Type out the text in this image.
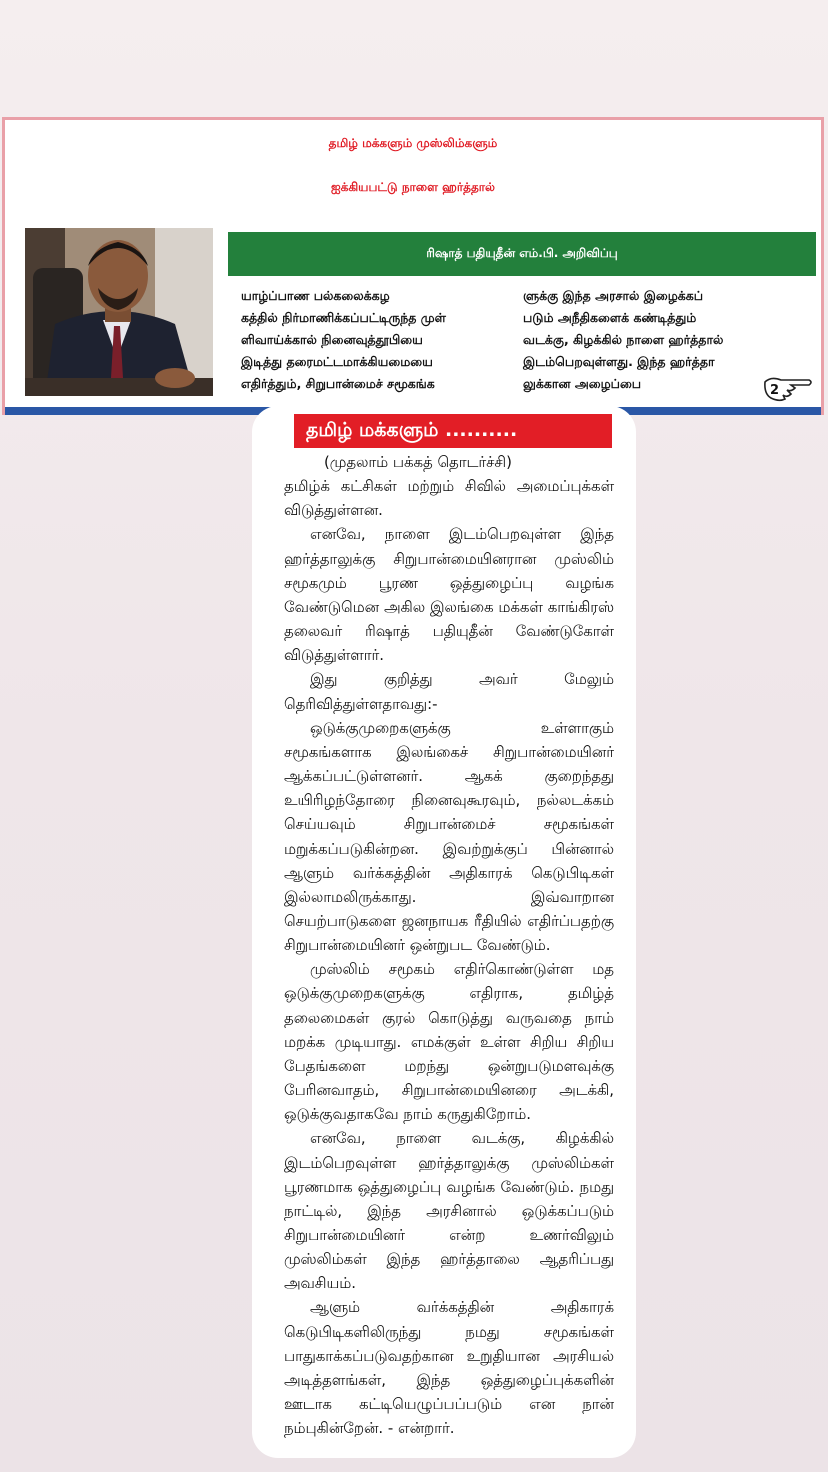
தமிழ் மக்களும் முஸ்லிம்களும்
ஐக்கியபட்டு நாளை ஹர்த்தால்
ரிஷாத் பதியுதீன் எம்.பி. அறிவிப்பு
யாழ்ப்பாண பல்கலைக்கழ
கத்தில் நிர்மாணிக்கப்பட்டிருந்த முள்
ளிவாய்க்கால் நினைவுத்தூபியை
இடித்து தரைமட்டமாக்கியமையை
எதிர்த்தும், சிறுபான்மைச் சமூகங்க
ளுக்கு இந்த அரசால் இழைக்கப்
படும் அநீதிகளைக் கண்டித்தும்
வடக்கு, கிழக்கில் நாளை ஹர்த்தால்
இடம்பெறவுள்ளது. இந்த ஹர்த்தா
லுக்கான அழைப்பை	2
தமிழ் மக்களும் ..........

(முதலாம் பக்கத் தொடர்ச்சி)

தமிழ்க் கட்சிகள் மற்றும் சிவில் அமைப்புக்கள் விடுத்துள்ளன.

எனவே, நாளை இடம்பெறவுள்ள இந்த ஹர்த்தாலுக்கு சிறுபான்மையினரான முஸ்லிம் சமூகமும் பூரண ஒத்துழைப்பு வழங்க வேண்டுமென அகில இலங்கை மக்கள் காங்கிரஸ் தலைவர் ரிஷாத் பதியுதீன் வேண்டுகோள் விடுத்துள்ளார்.

இது குறித்து அவர் மேலும் தெரிவித்துள்ளதாவது:-

ஒடுக்குமுறைகளுக்கு உள்ளாகும் சமூகங்களாக இலங்கைச் சிறுபான்மையினர் ஆக்கப்பட்டுள்ளனர். ஆகக் குறைந்தது உயிரிழந்தோரை நினைவுகூரவும், நல்லடக்கம் செய்யவும் சிறுபான்மைச் சமூகங்கள் மறுக்கப்படுகின்றன. இவற்றுக்குப் பின்னால் ஆளும் வர்க்கத்தின் அதிகாரக் கெடுபிடிகள் இல்லாமலிருக்காது. இவ்வாறான செயற்பாடுகளை ஜனநாயக ரீதியில் எதிர்ப்பதற்கு சிறுபான்மையினர் ஒன்றுபட வேண்டும்.

முஸ்லிம் சமூகம் எதிர்கொண்டுள்ள மத ஒடுக்குமுறைகளுக்கு எதிராக, தமிழ்த் தலைமைகள் குரல் கொடுத்து வருவதை நாம் மறக்க முடியாது. எமக்குள் உள்ள சிறிய சிறிய பேதங்களை மறந்து ஒன்றுபடுமளவுக்கு பேரினவாதம், சிறுபான்மையினரை அடக்கி, ஒடுக்குவதாகவே நாம் கருதுகிறோம்.

எனவே, நாளை வடக்கு, கிழக்கில் இடம்பெறவுள்ள ஹர்த்தாலுக்கு முஸ்லிம்கள் பூரணமாக ஒத்துழைப்பு வழங்க வேண்டும். நமது நாட்டில், இந்த அரசினால் ஒடுக்கப்படும் சிறுபான்மையினர் என்ற உணர்விலும் முஸ்லிம்கள் இந்த ஹர்த்தாலை ஆதரிப்பது அவசியம்.

ஆளும் வர்க்கத்தின் அதிகாரக் கெடுபிடிகளிலிருந்து நமது சமூகங்கள் பாதுகாக்கப்படுவதற்கான உறுதியான அரசியல் அடித்தளங்கள், இந்த ஒத்துழைப்புக்களின் ஊடாக கட்டியெழுப்பப்படும் என நான் நம்புகின்றேன். - என்றார்.
